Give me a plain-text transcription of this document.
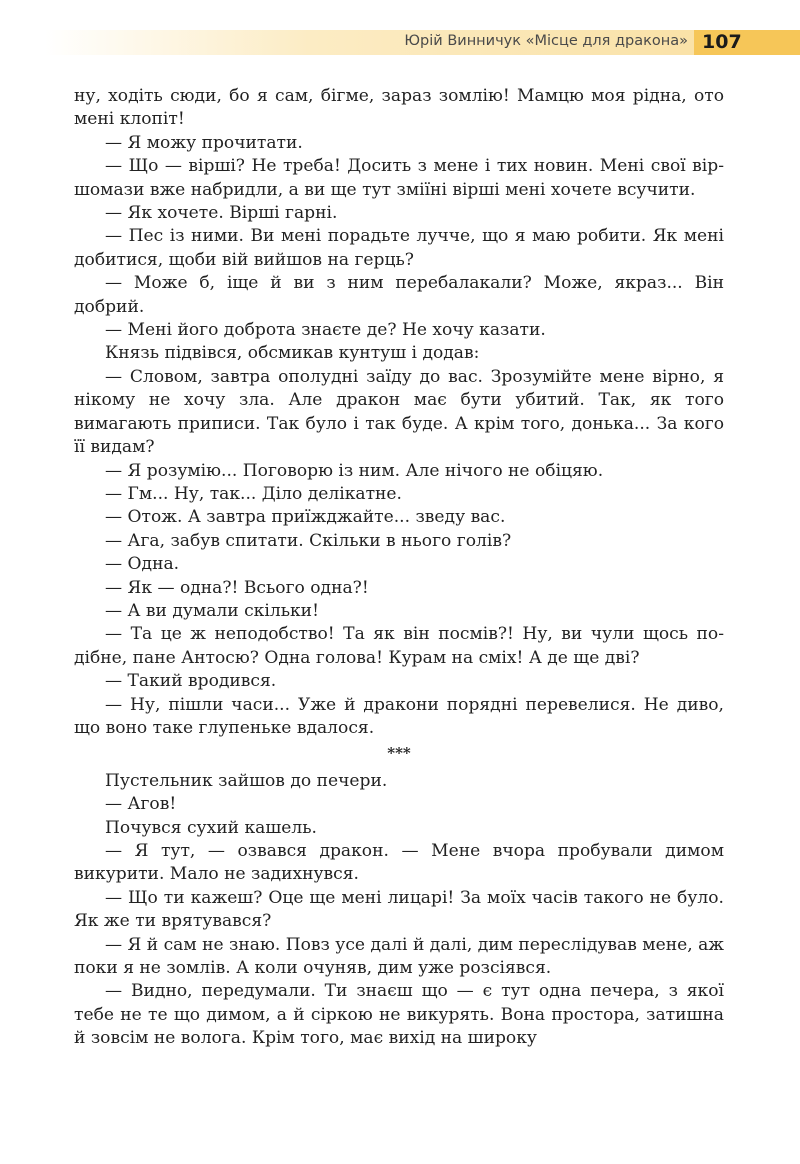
Юрій Винничук «Місце для дракона» 107

ну, ходіть сюди, бо я сам, бігме, зараз зомлію! Мамцю моя рідна, ото мені клопіт!

— Я можу прочитати.

— Що — вірші? Не треба! Досить з мене і тих новин. Мені свої віршомази вже набридли, а ви ще тут зміїні вірші мені хочете всучити.

— Як хочете. Вірші гарні.

— Пес із ними. Ви мені порадьте лучче, що я маю робити. Як мені добитися, щоби вій вийшов на герць?

— Може б, іще й ви з ним перебалакали? Може, якраз... Він добрий.

— Мені його доброта знаєте де? Не хочу казати.

Князь підвівся, обсмикав кунтуш і додав:

— Словом, завтра ополудні заїду до вас. Зрозумійте мене вірно, я нікому не хочу зла. Але дракон має бути убитий. Так, як того вимагають приписи. Так було і так буде. А крім того, донька... За кого її видам?

— Я розумію... Поговорю із ним. Але нічого не обіцяю.

— Гм... Ну, так... Діло делікатне.

— Отож. А завтра приїжджайте... зведу вас.

— Ага, забув спитати. Скільки в нього голів?

— Одна.

— Як — одна?! Всього одна?!

— А ви думали скільки!

— Та це ж неподобство! Та як він посмів?! Ну, ви чули щось подібне, пане Антосю? Одна голова! Курам на сміх! А де ще дві?

— Такий вродився.

— Ну, пішли часи... Уже й дракони порядні перевелися. Не диво, що воно таке глупеньке вдалося.

***

Пустельник зайшов до печери.

— Агов!

Почувся сухий кашель.

— Я тут, — озвався дракон. — Мене вчора пробували димом викурити. Мало не задихнувся.

— Що ти кажеш? Оце ще мені лицарі! За моїх часів такого не було. Як же ти врятувався?

— Я й сам не знаю. Повз усе далі й далі, дим переслідував мене, аж поки я не зомлів. А коли очуняв, дим уже розсіявся.

— Видно, передумали. Ти знаєш що — є тут одна печера, з якої тебе не те що димом, а й сіркою не викурять. Вона простора, затишна й зовсім не волога. Крім того, має вихід на широку
